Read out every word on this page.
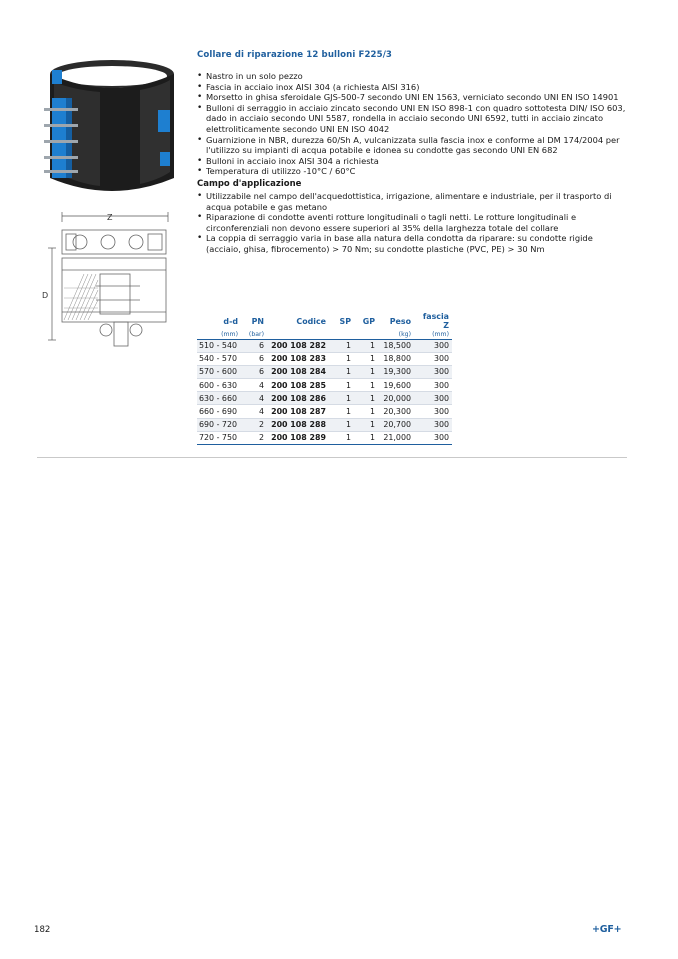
Z
D
Collare di riparazione 12 bulloni F225/3
• Nastro in un solo pezzo
• Fascia in acciaio inox AISI 304 (a richiesta AISI 316)
• Morsetto in ghisa sferoidale GJS-500-7 secondo UNI EN 1563, verniciato secondo UNI EN ISO 14901
• Bulloni di serraggio in acciaio zincato secondo UNI EN ISO 898-1 con quadro sottotesta DIN/ ISO 603, dado in acciaio secondo UNI 5587, rondella in acciaio secondo UNI 6592, tutti in acciaio zincato elettroliticamente secondo UNI EN ISO 4042
• Guarnizione in NBR, durezza 60/Sh A, vulcanizzata sulla fascia inox e conforme al DM 174/2004 per l'utilizzo su impianti di acqua potabile e idonea su condotte gas secondo UNI EN 682
• Bulloni in acciaio inox AISI 304 a richiesta
• Temperatura di utilizzo -10°C / 60°C
Campo d'applicazione
• Utilizzabile nel campo dell'acquedottistica, irrigazione, alimentare e industriale, per il trasporto di acqua potabile e gas metano
• Riparazione di condotte aventi rotture longitudinali o tagli netti. Le rotture longitudinali e circonferenziali non devono essere superiori al 35% della larghezza totale del collare
• La coppia di serraggio varia in base alla natura della condotta da riparare: su condotte rigide (acciaio, ghisa, fibrocemento) > 70 Nm; su condotte plastiche (PVC, PE) > 30 Nm
d-d	PN	Codice	SP	GP	Peso	fascia Z
(mm)	(bar)				(kg)	(mm)
510 - 540	6	200 108 282	1	1	18,500	300
540 - 570	6	200 108 283	1	1	18,800	300
570 - 600	6	200 108 284	1	1	19,300	300
600 - 630	4	200 108 285	1	1	19,600	300
630 - 660	4	200 108 286	1	1	20,000	300
660 - 690	4	200 108 287	1	1	20,300	300
690 - 720	2	200 108 288	1	1	20,700	300
720 - 750	2	200 108 289	1	1	21,000	300
182	+GF+
